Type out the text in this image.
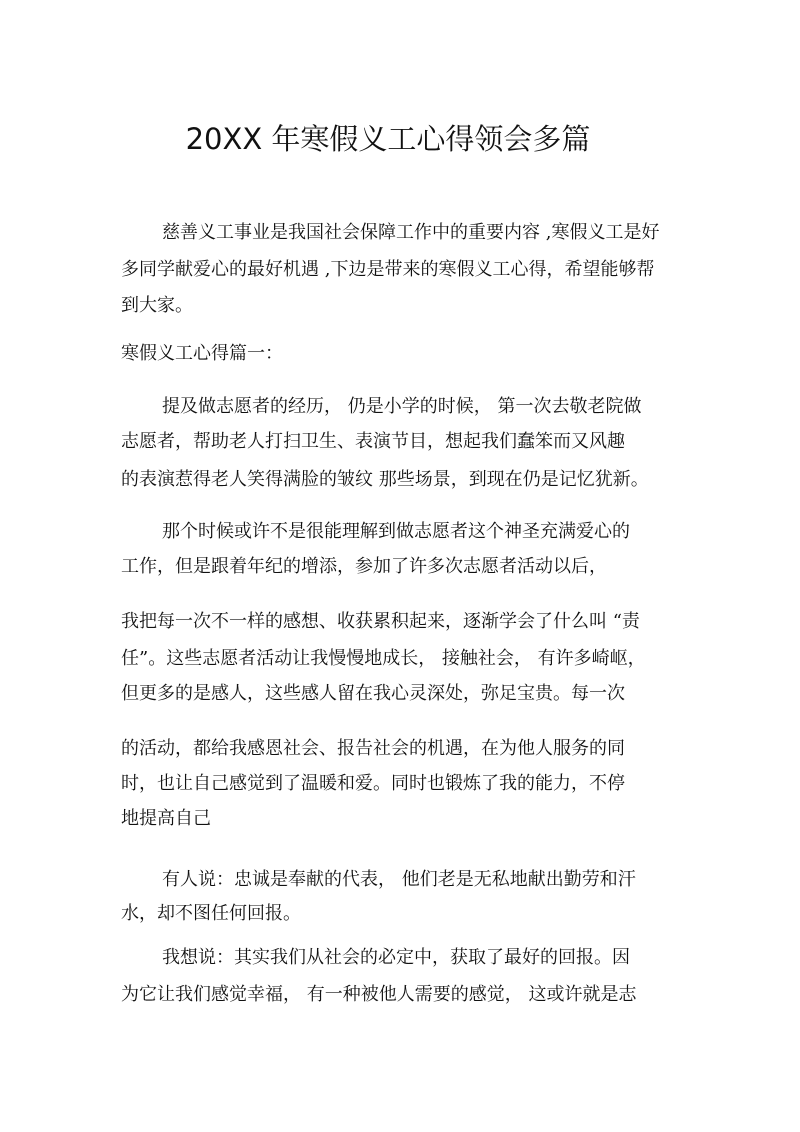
20XX 年寒假义工心得领会多篇

慈善义工事业是我国社会保障工作中的重要内容 ,寒假义工是好

多同学献爱心的最好机遇 ,下边是带来的寒假义工心得，希望能够帮

到大家。

寒假义工心得篇一：

提及做志愿者的经历， 仍是小学的时候， 第一次去敬老院做

志愿者，帮助老人打扫卫生、表演节目，想起我们蠢笨而又风趣

的表演惹得老人笑得满脸的皱纹 那些场景，到现在仍是记忆犹新。

那个时候或许不是很能理解到做志愿者这个神圣充满爱心的

工作，但是跟着年纪的增添，参加了许多次志愿者活动以后，

我把每一次不一样的感想、收获累积起来，逐渐学会了什么叫 “责

任”。这些志愿者活动让我慢慢地成长， 接触社会， 有许多崎岖，

但更多的是感人，这些感人留在我心灵深处，弥足宝贵。每一次

的活动，都给我感恩社会、报告社会的机遇，在为他人服务的同

时，也让自己感觉到了温暖和爱。同时也锻炼了我的能力，不停

地提高自己

有人说：忠诚是奉献的代表， 他们老是无私地献出勤劳和汗

水，却不图任何回报。

我想说：其实我们从社会的必定中，获取了最好的回报。因

为它让我们感觉幸福， 有一种被他人需要的感觉， 这或许就是志
